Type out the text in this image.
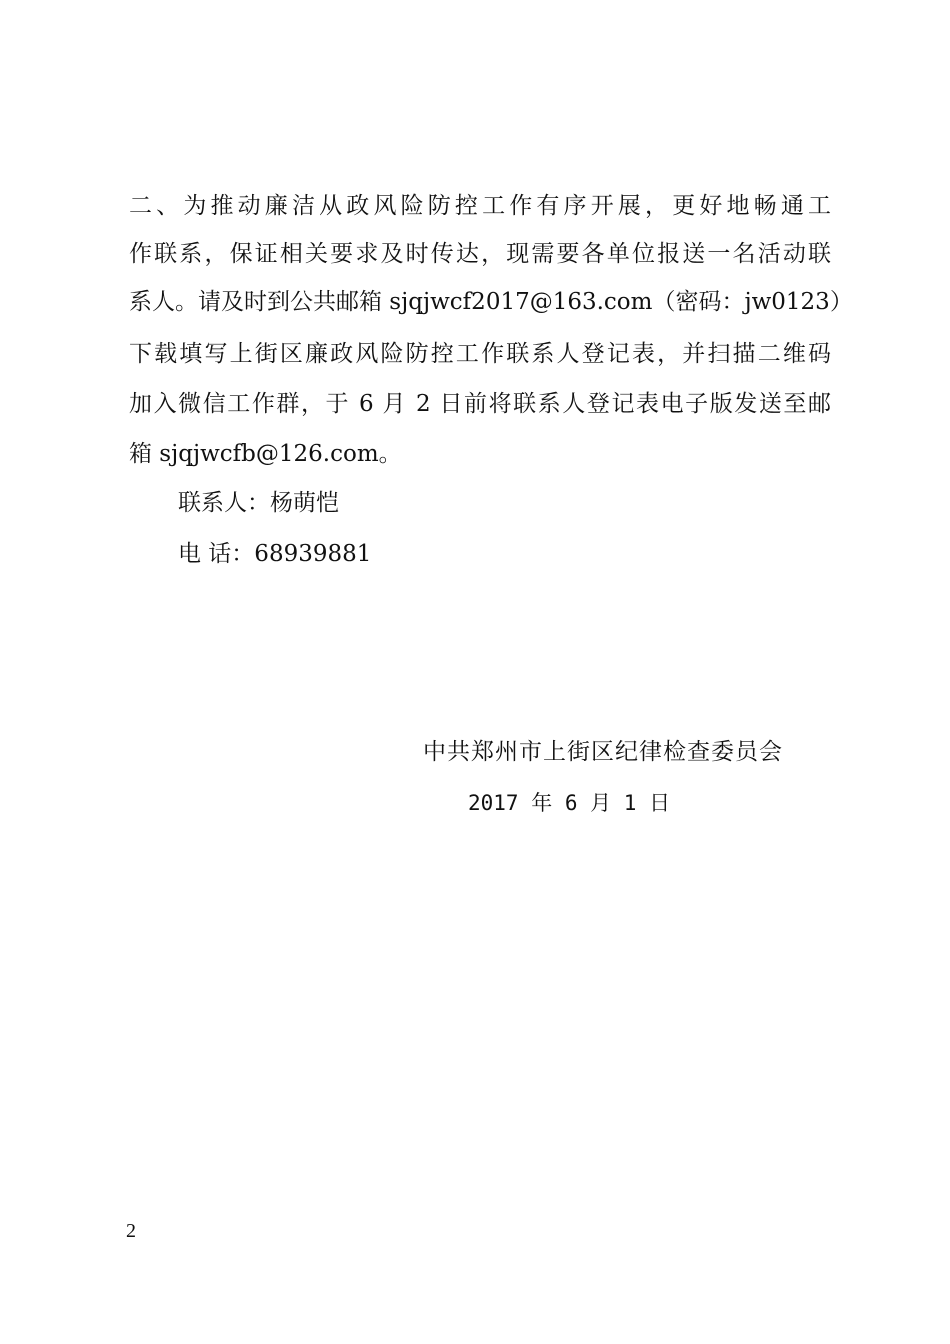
二、为推动廉洁从政风险防控工作有序开展，更好地畅通工
作联系，保证相关要求及时传达，现需要各单位报送一名活动联
系人。请及时到公共邮箱 sjqjwcf2017@163.com（密码：jw0123）
下载填写上街区廉政风险防控工作联系人登记表，并扫描二维码
加入微信工作群，于 6 月 2 日前将联系人登记表电子版发送至邮
箱 sjqjwcfb@126.com。
联系人：杨萌恺
电 话：68939881
中共郑州市上街区纪律检查委员会
2017 年 6 月 1 日
2
